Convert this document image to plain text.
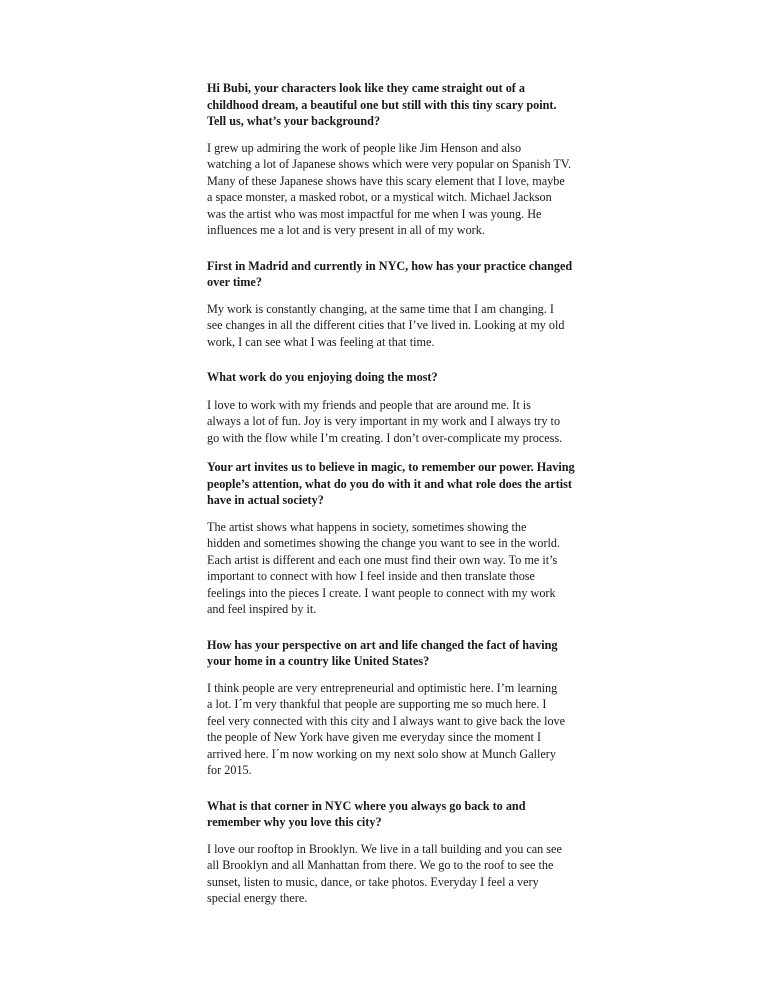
Hi Bubi, your characters look like they came straight out of a
childhood dream, a beautiful one but still with this tiny scary point.
Tell us, what’s your background?

I grew up admiring the work of people like Jim Henson and also
watching a lot of Japanese shows which were very popular on Spanish TV.
Many of these Japanese shows have this scary element that I love, maybe
a space monster, a masked robot, or a mystical witch. Michael Jackson
was the artist who was most impactful for me when I was young. He
influences me a lot and is very present in all of my work.

First in Madrid and currently in NYC, how has your practice changed
over time?

My work is constantly changing, at the same time that I am changing. I
see changes in all the different cities that I’ve lived in. Looking at my old
work, I can see what I was feeling at that time.

What work do you enjoying doing the most?

I love to work with my friends and people that are around me. It is
always a lot of fun. Joy is very important in my work and I always try to
go with the flow while I’m creating. I don’t over-complicate my process.

Your art invites us to believe in magic, to remember our power. Having
people’s attention, what do you do with it and what role does the artist
have in actual society?

The artist shows what happens in society, sometimes showing the
hidden and sometimes showing the change you want to see in the world.
Each artist is different and each one must find their own way. To me it’s
important to connect with how I feel inside and then translate those
feelings into the pieces I create. I want people to connect with my work
and feel inspired by it.

How has your perspective on art and life changed the fact of having
your home in a country like United States?

I think people are very entrepreneurial and optimistic here. I’m learning
a lot. I´m very thankful that people are supporting me so much here. I
feel very connected with this city and I always want to give back the love
the people of New York have given me everyday since the moment I
arrived here. I´m now working on my next solo show at Munch Gallery
for 2015.

What is that corner in NYC where you always go back to and
remember why you love this city?

I love our rooftop in Brooklyn. We live in a tall building and you can see
all Brooklyn and all Manhattan from there. We go to the roof to see the
sunset, listen to music, dance, or take photos. Everyday I feel a very
special energy there.
